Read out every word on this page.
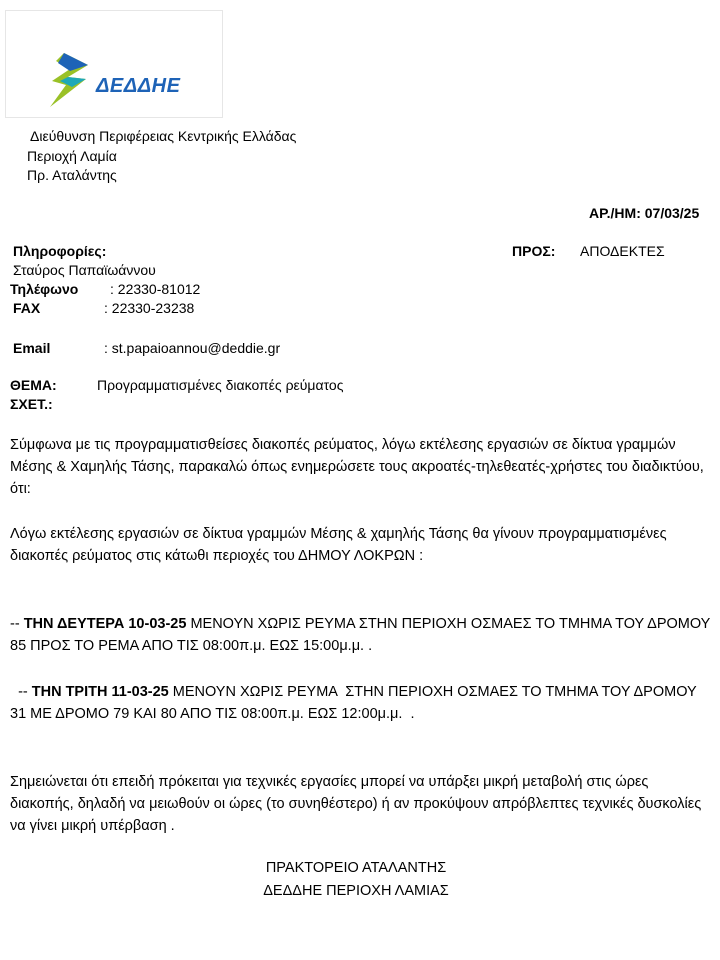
ΔΕΔΔΗΕ
Διεύθυνση Περιφέρειας Κεντρικής Ελλάδας
Περιοχή Λαμία
Πρ. Αταλάντης
ΑΡ./ΗΜ: 07/03/25
Πληροφορίες:
Σταύρος Παπαϊωάννου
Τηλέφωνο : 22330-81012
FAX	: 22330-23238
Email	: st.papaioannou@deddie.gr
ΠΡΟΣ: ΑΠΟΔΕΚΤΕΣ
ΘΕΜΑ:	Προγραμματισμένες διακοπές ρεύματος
ΣΧΕΤ.:
Σύμφωνα με τις προγραμματισθείσες διακοπές ρεύματος, λόγω εκτέλεσης εργασιών σε δίκτυα γραμμών Μέσης & Χαμηλής Τάσης, παρακαλώ όπως ενημερώσετε τους ακροατές-τηλεθεατές-χρήστες του διαδικτύου, ότι:
Λόγω εκτέλεσης εργασιών σε δίκτυα γραμμών Μέσης & χαμηλής Τάσης θα γίνουν προγραμματισμένες διακοπές ρεύματος στις κάτωθι περιοχές του ΔΗΜΟΥ ΛΟΚΡΩΝ :
-- ΤΗΝ ΔΕΥΤΕΡΑ 10-03-25 ΜΕΝΟΥΝ ΧΩΡΙΣ ΡΕΥΜΑ ΣΤΗΝ ΠΕΡΙΟΧΗ ΟΣΜΑΕΣ ΤΟ ΤΜΗΜΑ ΤΟΥ ΔΡΟΜΟΥ 85 ΠΡΟΣ ΤΟ ΡΕΜΑ ΑΠΟ ΤΙΣ 08:00π.μ. ΕΩΣ 15:00μ.μ. .
-- ΤΗΝ ΤΡΙΤΗ 11-03-25 ΜΕΝΟΥΝ ΧΩΡΙΣ ΡΕΥΜΑ  ΣΤΗΝ ΠΕΡΙΟΧΗ ΟΣΜΑΕΣ ΤΟ ΤΜΗΜΑ ΤΟΥ ΔΡΟΜΟΥ 31 ΜΕ ΔΡΟΜΟ 79 ΚΑΙ 80 ΑΠΟ ΤΙΣ 08:00π.μ. ΕΩΣ 12:00μ.μ.  .
Σημειώνεται ότι επειδή πρόκειται για τεχνικές εργασίες μπορεί να υπάρξει μικρή μεταβολή στις ώρες διακοπής, δηλαδή να μειωθούν οι ώρες (το συνηθέστερο) ή αν προκύψουν απρόβλεπτες τεχνικές δυσκολίες να γίνει μικρή υπέρβαση .
ΠΡΑΚΤΟΡΕΙΟ ΑΤΑΛΑΝΤΗΣ
ΔΕΔΔΗΕ ΠΕΡΙΟΧΗ ΛΑΜΙΑΣ
